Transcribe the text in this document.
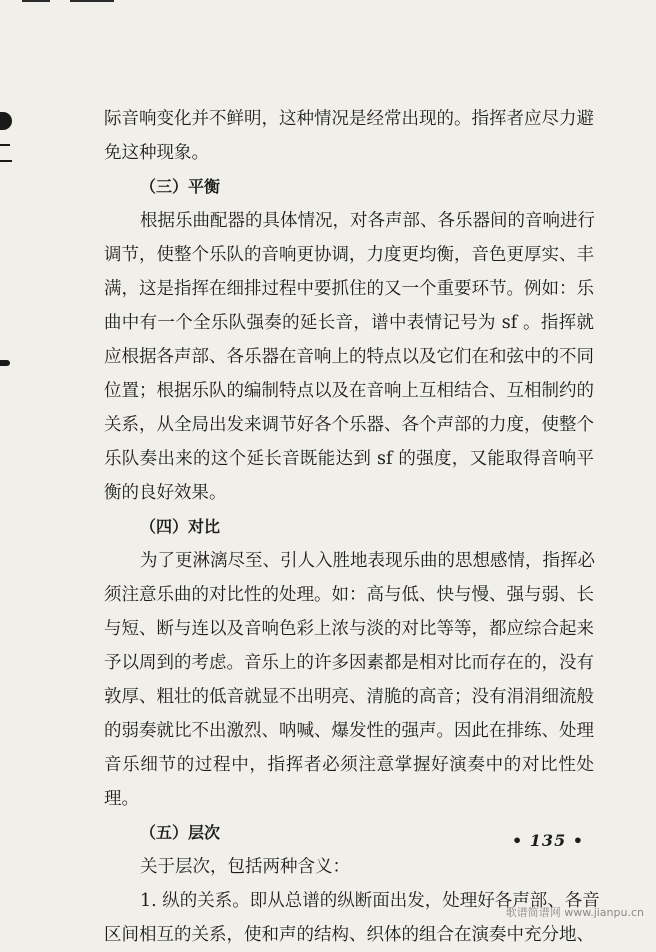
际音响变化并不鲜明，这种情况是经常出现的。指挥者应尽力避
免这种现象。
（三）平衡
根据乐曲配器的具体情况，对各声部、各乐器间的音响进行
调节，使整个乐队的音响更协调，力度更均衡，音色更厚实、丰
满，这是指挥在细排过程中要抓住的又一个重要环节。例如：乐
曲中有一个全乐队强奏的延长音，谱中表情记号为 sf 。指挥就
应根据各声部、各乐器在音响上的特点以及它们在和弦中的不同
位置；根据乐队的编制特点以及在音响上互相结合、互相制约的
关系，从全局出发来调节好各个乐器、各个声部的力度，使整个
乐队奏出来的这个延长音既能达到 sf 的强度，又能取得音响平
衡的良好效果。
（四）对比
为了更淋漓尽至、引人入胜地表现乐曲的思想感情，指挥必
须注意乐曲的对比性的处理。如：高与低、快与慢、强与弱、长
与短、断与连以及音响色彩上浓与淡的对比等等，都应综合起来
予以周到的考虑。音乐上的许多因素都是相对比而存在的，没有
敦厚、粗壮的低音就显不出明亮、清脆的高音；没有涓涓细流般
的弱奏就比不出激烈、呐喊、爆发性的强声。因此在排练、处理
音乐细节的过程中，指挥者必须注意掌握好演奏中的对比性处
理。
（五）层次
关于层次，包括两种含义：
1. 纵的关系。即从总谱的纵断面出发，处理好各声部、各音
区间相互的关系，使和声的结构、织体的组合在演奏中充分地、
• 135 •
歌谱简谱网 www.jianpu.cn
